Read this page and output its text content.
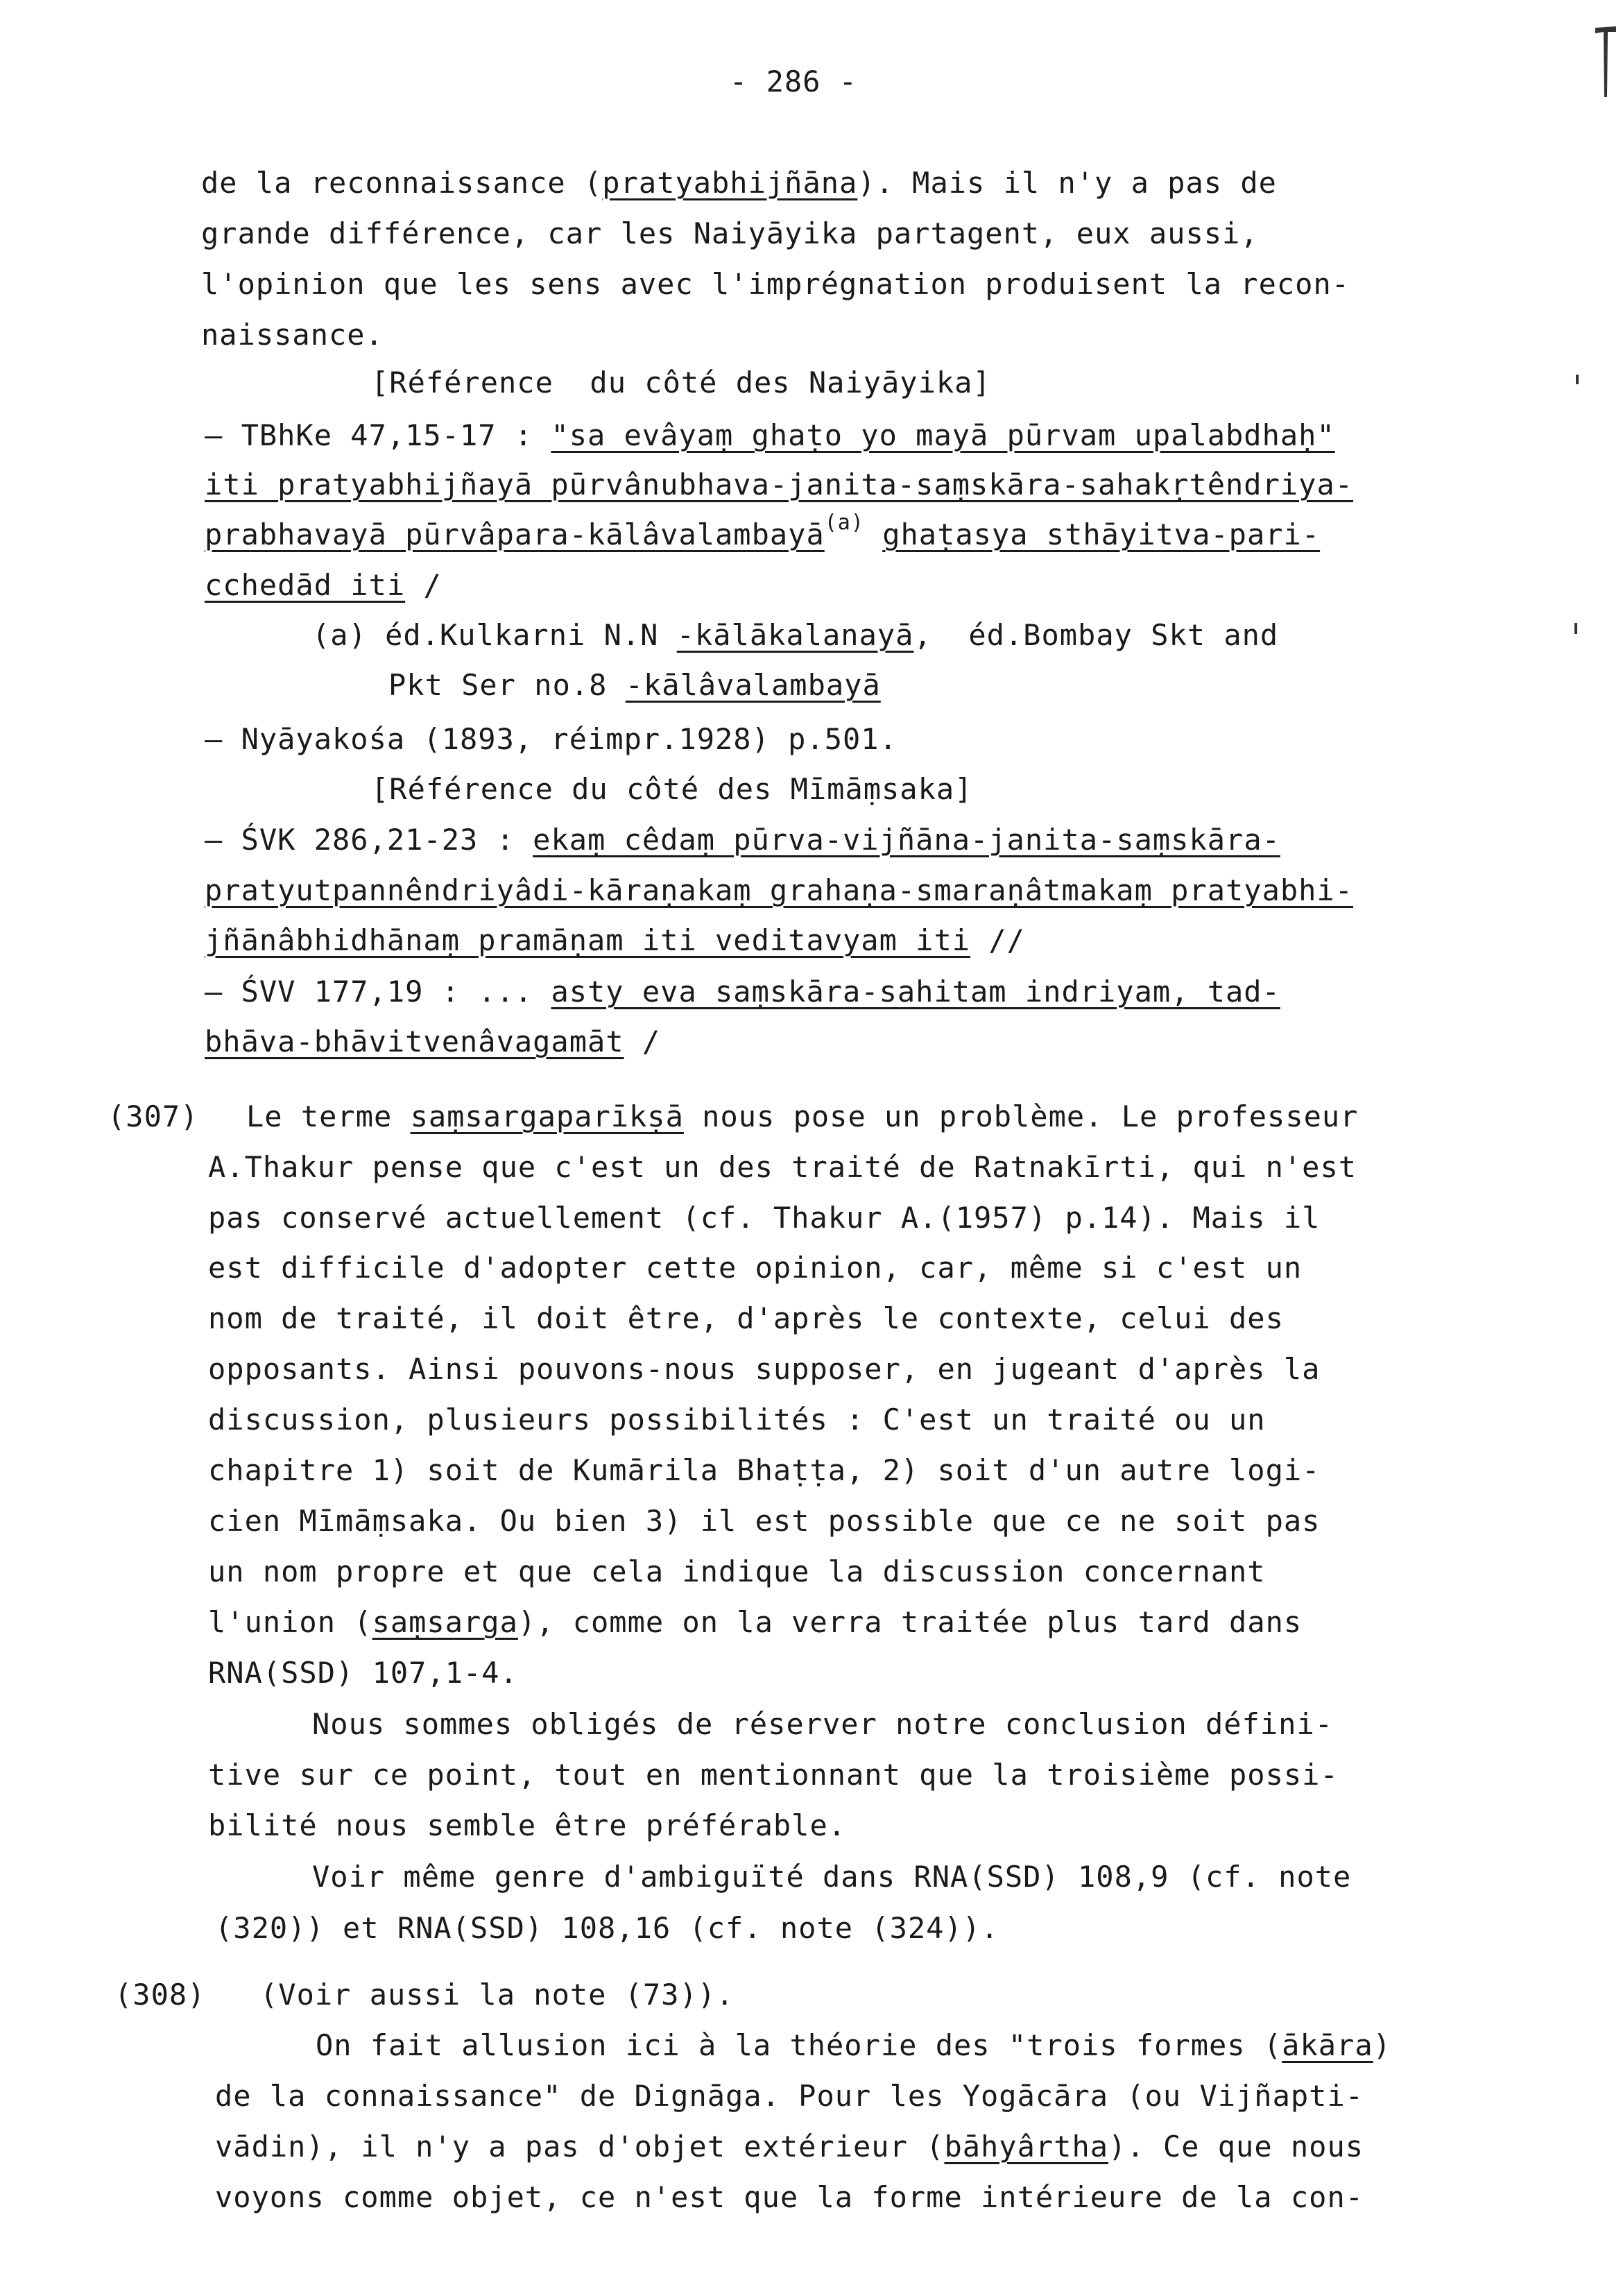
- 286 -
de la reconnaissance (pratyabhijñāna). Mais il n'y a pas de
grande différence, car les Naiyāyika partagent, eux aussi,
l'opinion que les sens avec l'imprégnation produisent la recon-
naissance.
[Référence  du côté des Naiyāyika]
– TBhKe 47,15-17 : "sa evâyaṃ ghaṭo yo mayā pūrvam upalabdhaḥ"
iti pratyabhijñayā pūrvânubhava-janita-saṃskāra-sahakṛtêndriya-
prabhavayā pūrvâpara-kālâvalambayā$^{(a)}$ ghaṭasya sthāyitva-pari-
cchedād iti /
(a) éd.Kulkarni N.N -kālākalanayā,  éd.Bombay Skt and
Pkt Ser no.8 -kālâvalambayā
– Nyāyakośa (1893, réimpr.1928) p.501.
[Référence du côté des Mīmāṃsaka]
– ŚVK 286,21-23 : ekaṃ cêdaṃ pūrva-vijñāna-janita-saṃskāra-
pratyutpannêndriyâdi-kāraṇakaṃ grahaṇa-smaraṇâtmakaṃ pratyabhi-
jñānâbhidhānaṃ pramāṇam iti veditavyam iti //
– ŚVV 177,19 : ... asty eva saṃskāra-sahitam indriyam, tad-
bhāva-bhāvitvenâvagamāt /
(307) Le terme saṃsargaparīkṣā nous pose un problème. Le professeur
A.Thakur pense que c'est un des traité de Ratnakīrti, qui n'est
pas conservé actuellement (cf. Thakur A.(1957) p.14). Mais il
est difficile d'adopter cette opinion, car, même si c'est un
nom de traité, il doit être, d'après le contexte, celui des
opposants. Ainsi pouvons-nous supposer, en jugeant d'après la
discussion, plusieurs possibilités : C'est un traité ou un
chapitre 1) soit de Kumārila Bhaṭṭa, 2) soit d'un autre logi-
cien Mīmāṃsaka. Ou bien 3) il est possible que ce ne soit pas
un nom propre et que cela indique la discussion concernant
l'union (saṃsarga), comme on la verra traitée plus tard dans
RNA(SSD) 107,1-4.
Nous sommes obligés de réserver notre conclusion défini-
tive sur ce point, tout en mentionnant que la troisième possi-
bilité nous semble être préférable.
Voir même genre d'ambiguïté dans RNA(SSD) 108,9 (cf. note
(320)) et RNA(SSD) 108,16 (cf. note (324)).
(308) (Voir aussi la note (73)).
On fait allusion ici à la théorie des "trois formes (ākāra)
de la connaissance" de Dignāga. Pour les Yogācāra (ou Vijñapti-
vādin), il n'y a pas d'objet extérieur (bāhyârtha). Ce que nous
voyons comme objet, ce n'est que la forme intérieure de la con-
